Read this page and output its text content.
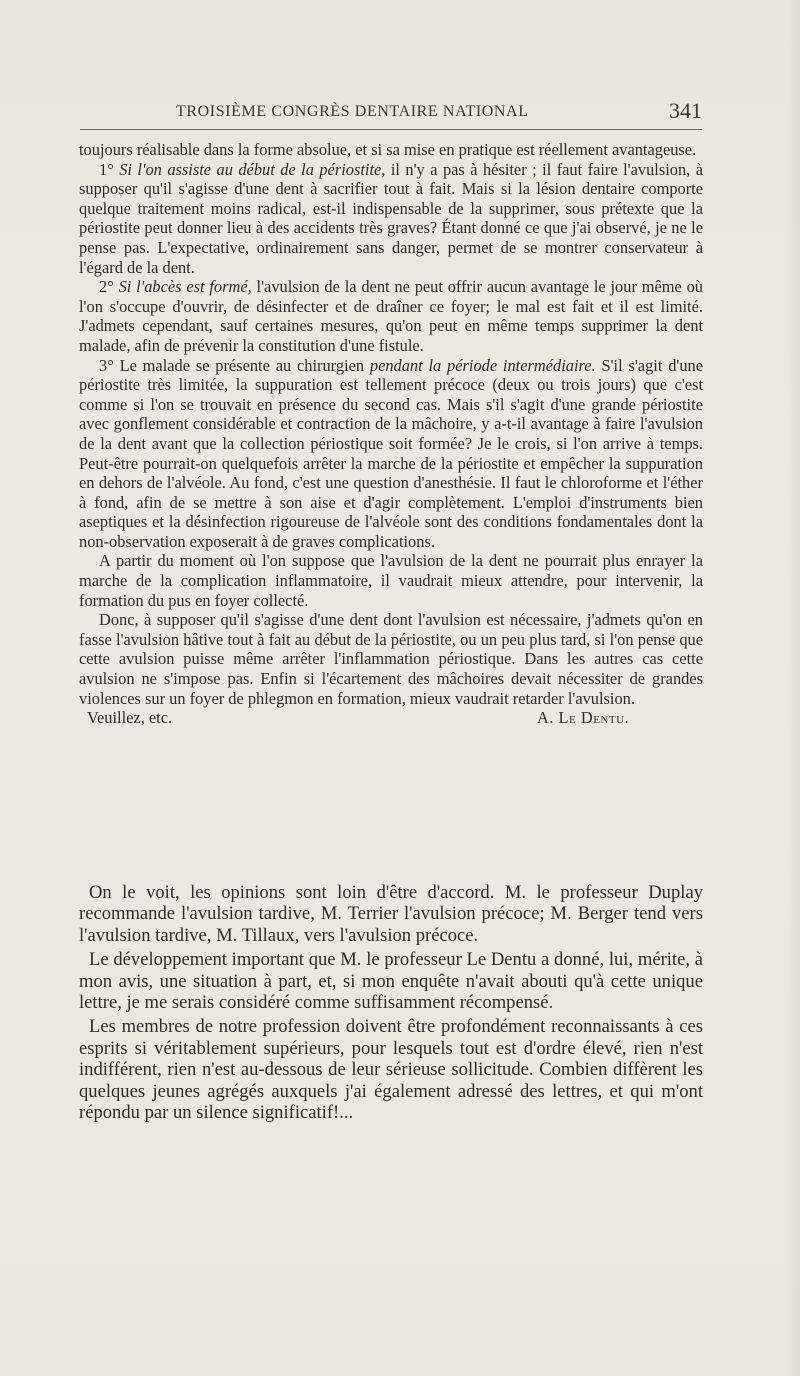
TROISIÈME CONGRÈS DENTAIRE NATIONAL	341

toujours réalisable dans la forme absolue, et si sa mise en pratique est réellement avantageuse.

1° Si l'on assiste au début de la périostite, il n'y a pas à hésiter ; il faut faire l'avulsion, à supposer qu'il s'agisse d'une dent à sacrifier tout à fait. Mais si la lésion dentaire comporte quelque traitement moins radical, est-il indispensable de la supprimer, sous prétexte que la périostite peut donner lieu à des accidents très graves? Étant donné ce que j'ai observé, je ne le pense pas. L'expectative, ordinairement sans danger, permet de se montrer conservateur à l'égard de la dent.

2° Si l'abcès est formé, l'avulsion de la dent ne peut offrir aucun avantage le jour même où l'on s'occupe d'ouvrir, de désinfecter et de draîner ce foyer; le mal est fait et il est limité. J'admets cependant, sauf certaines mesures, qu'on peut en même temps supprimer la dent malade, afin de prévenir la constitution d'une fistule.

3° Le malade se présente au chirurgien pendant la période intermédiaire. S'il s'agit d'une périostite très limitée, la suppuration est tellement précoce (deux ou trois jours) que c'est comme si l'on se trouvait en présence du second cas. Mais s'il s'agit d'une grande périostite avec gonflement considérable et contraction de la mâchoire, y a-t-il avantage à faire l'avulsion de la dent avant que la collection périostique soit formée? Je le crois, si l'on arrive à temps. Peut-être pourrait-on quelquefois arrêter la marche de la périostite et empêcher la suppuration en dehors de l'alvéole. Au fond, c'est une question d'anesthésie. Il faut le chloroforme et l'éther à fond, afin de se mettre à son aise et d'agir complètement. L'emploi d'instruments bien aseptiques et la désinfection rigoureuse de l'alvéole sont des conditions fondamentales dont la non-observation exposerait à de graves complications.

A partir du moment où l'on suppose que l'avulsion de la dent ne pourrait plus enrayer la marche de la complication inflammatoire, il vaudrait mieux attendre, pour intervenir, la formation du pus en foyer collecté.

Donc, à supposer qu'il s'agisse d'une dent dont l'avulsion est nécessaire, j'admets qu'on en fasse l'avulsion hâtive tout à fait au début de la périostite, ou un peu plus tard, si l'on pense que cette avulsion puisse même arrêter l'inflammation périostique. Dans les autres cas cette avulsion ne s'impose pas. Enfin si l'écartement des mâchoires devait nécessiter de grandes violences sur un foyer de phlegmon en formation, mieux vaudrait retarder l'avulsion.

Veuillez, etc.	A. Le Dentu.

On le voit, les opinions sont loin d'être d'accord. M. le professeur Duplay recommande l'avulsion tardive, M. Terrier l'avulsion précoce; M. Berger tend vers l'avulsion tardive, M. Tillaux, vers l'avulsion précoce.

Le développement important que M. le professeur Le Dentu a donné, lui, mérite, à mon avis, une situation à part, et, si mon enquête n'avait abouti qu'à cette unique lettre, je me serais considéré comme suffisamment récompensé.

Les membres de notre profession doivent être profondément reconnaissants à ces esprits si véritablement supérieurs, pour lesquels tout est d'ordre élevé, rien n'est indifférent, rien n'est au-dessous de leur sérieuse sollicitude. Combien diffèrent les quelques jeunes agrégés auxquels j'ai également adressé des lettres, et qui m'ont répondu par un silence significatif!...
